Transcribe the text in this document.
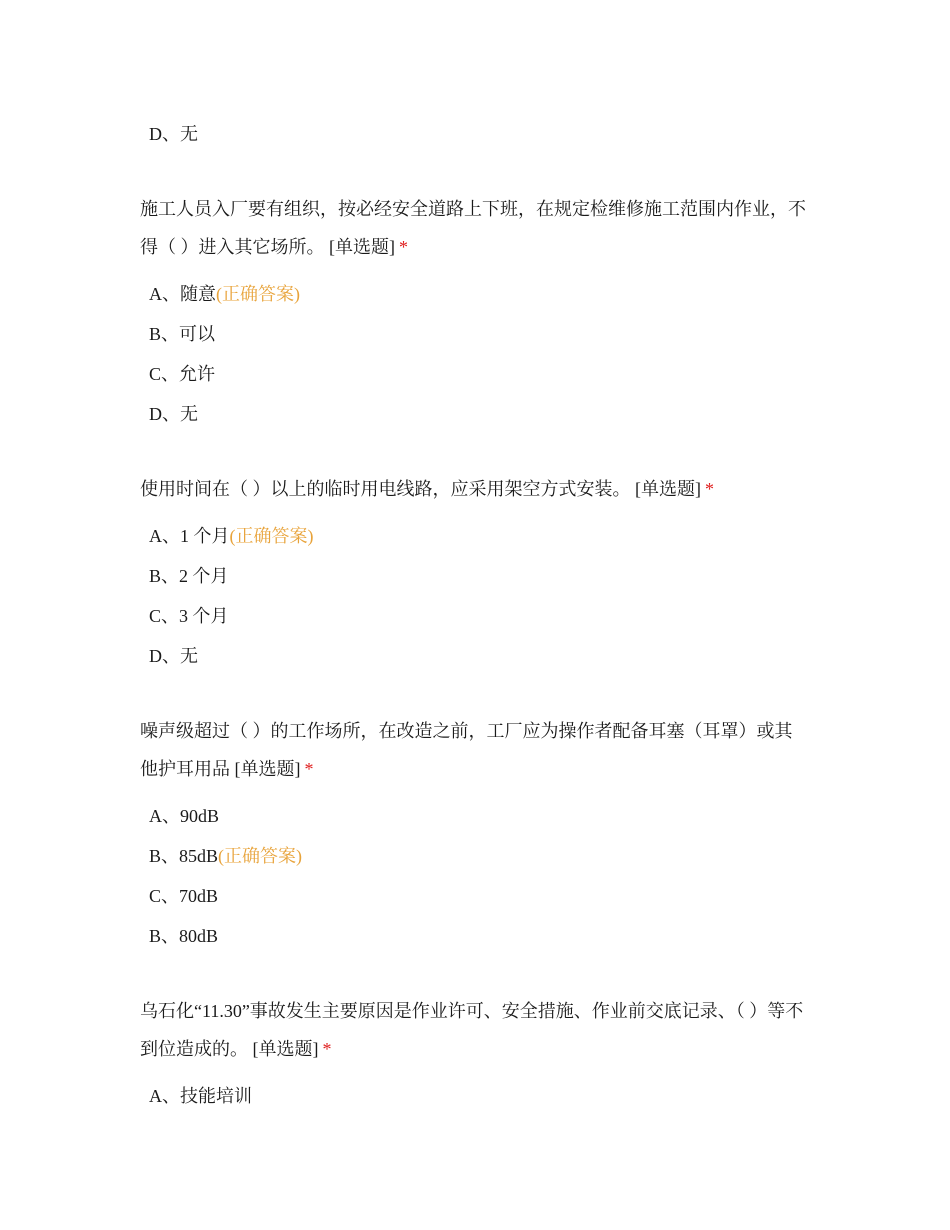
D、无
施工人员入厂要有组织，按必经安全道路上下班，在规定检维修施工范围内作业，不得（ ）进入其它场所。 [单选题] *
A、随意(正确答案)
B、可以
C、允许
D、无
使用时间在（ ）以上的临时用电线路，应采用架空方式安装。 [单选题] *
A、1 个月(正确答案)
B、2 个月
C、3 个月
D、无
噪声级超过（ ）的工作场所，在改造之前，工厂应为操作者配备耳塞（耳罩）或其他护耳用品 [单选题] *
A、90dB
B、85dB(正确答案)
C、70dB
B、80dB
乌石化“11.30”事故发生主要原因是作业许可、安全措施、作业前交底记录、（ ）等不到位造成的。 [单选题] *
A、技能培训
